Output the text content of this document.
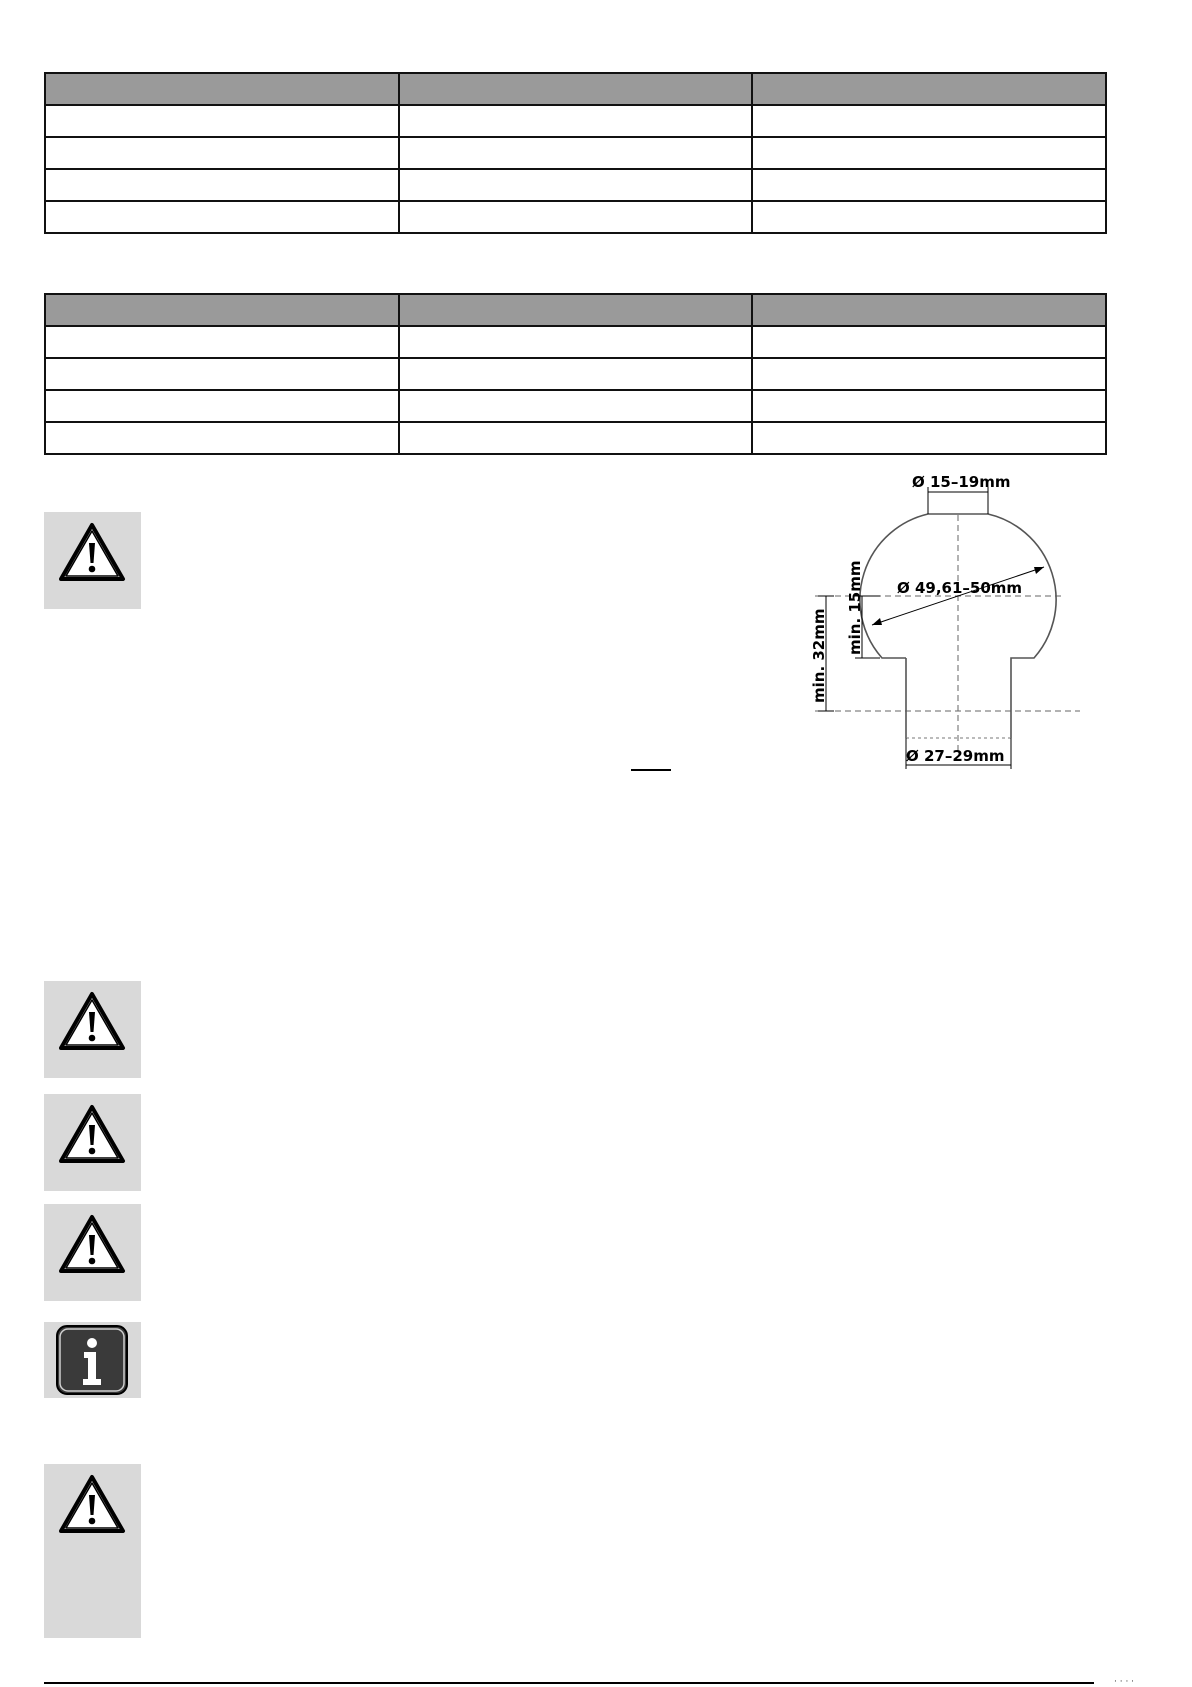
Ø 15–19mm
Ø 49,61–50mm
min. 15mm
min. 32mm
Ø 27–29mm
· · · ·
